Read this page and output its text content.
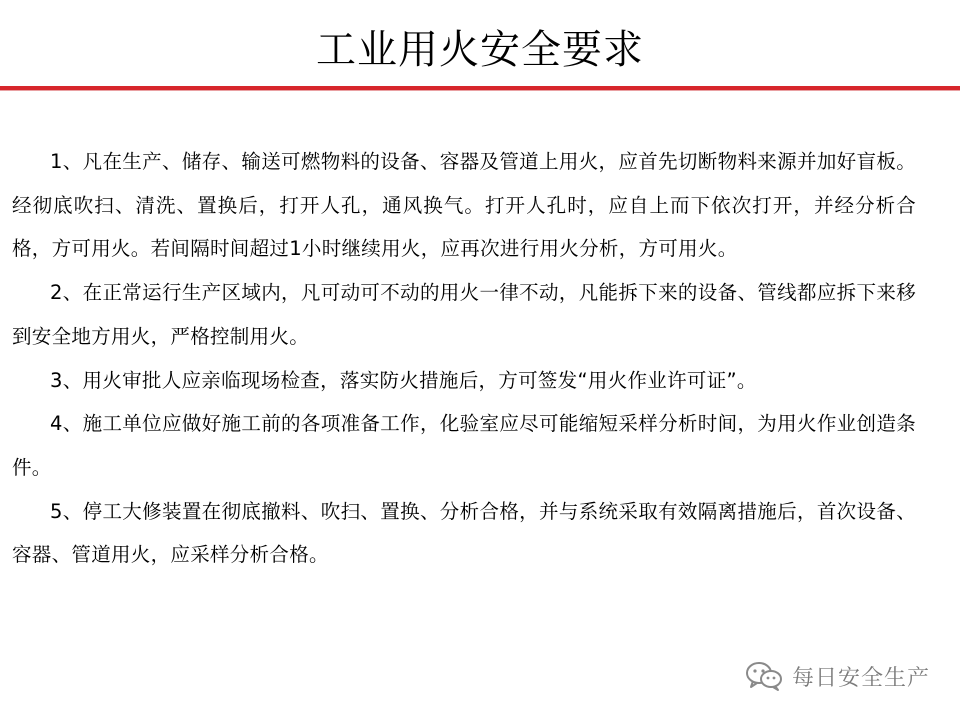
工业用火安全要求

1、凡在生产、储存、输送可燃物料的设备、容器及管道上用火，应首先切断物料来源并加好盲板。经彻底吹扫、清洗、置换后，打开人孔，通风换气。打开人孔时，应自上而下依次打开，并经分析合格，方可用火。若间隔时间超过1小时继续用火，应再次进行用火分析，方可用火。

2、在正常运行生产区域内，凡可动可不动的用火一律不动，凡能拆下来的设备、管线都应拆下来移到安全地方用火，严格控制用火。

3、用火审批人应亲临现场检查，落实防火措施后，方可签发“用火作业许可证”。

4、施工单位应做好施工前的各项准备工作，化验室应尽可能缩短采样分析时间，为用火作业创造条件。

5、停工大修装置在彻底撤料、吹扫、置换、分析合格，并与系统采取有效隔离措施后，首次设备、容器、管道用火，应采样分析合格。

每日安全生产
